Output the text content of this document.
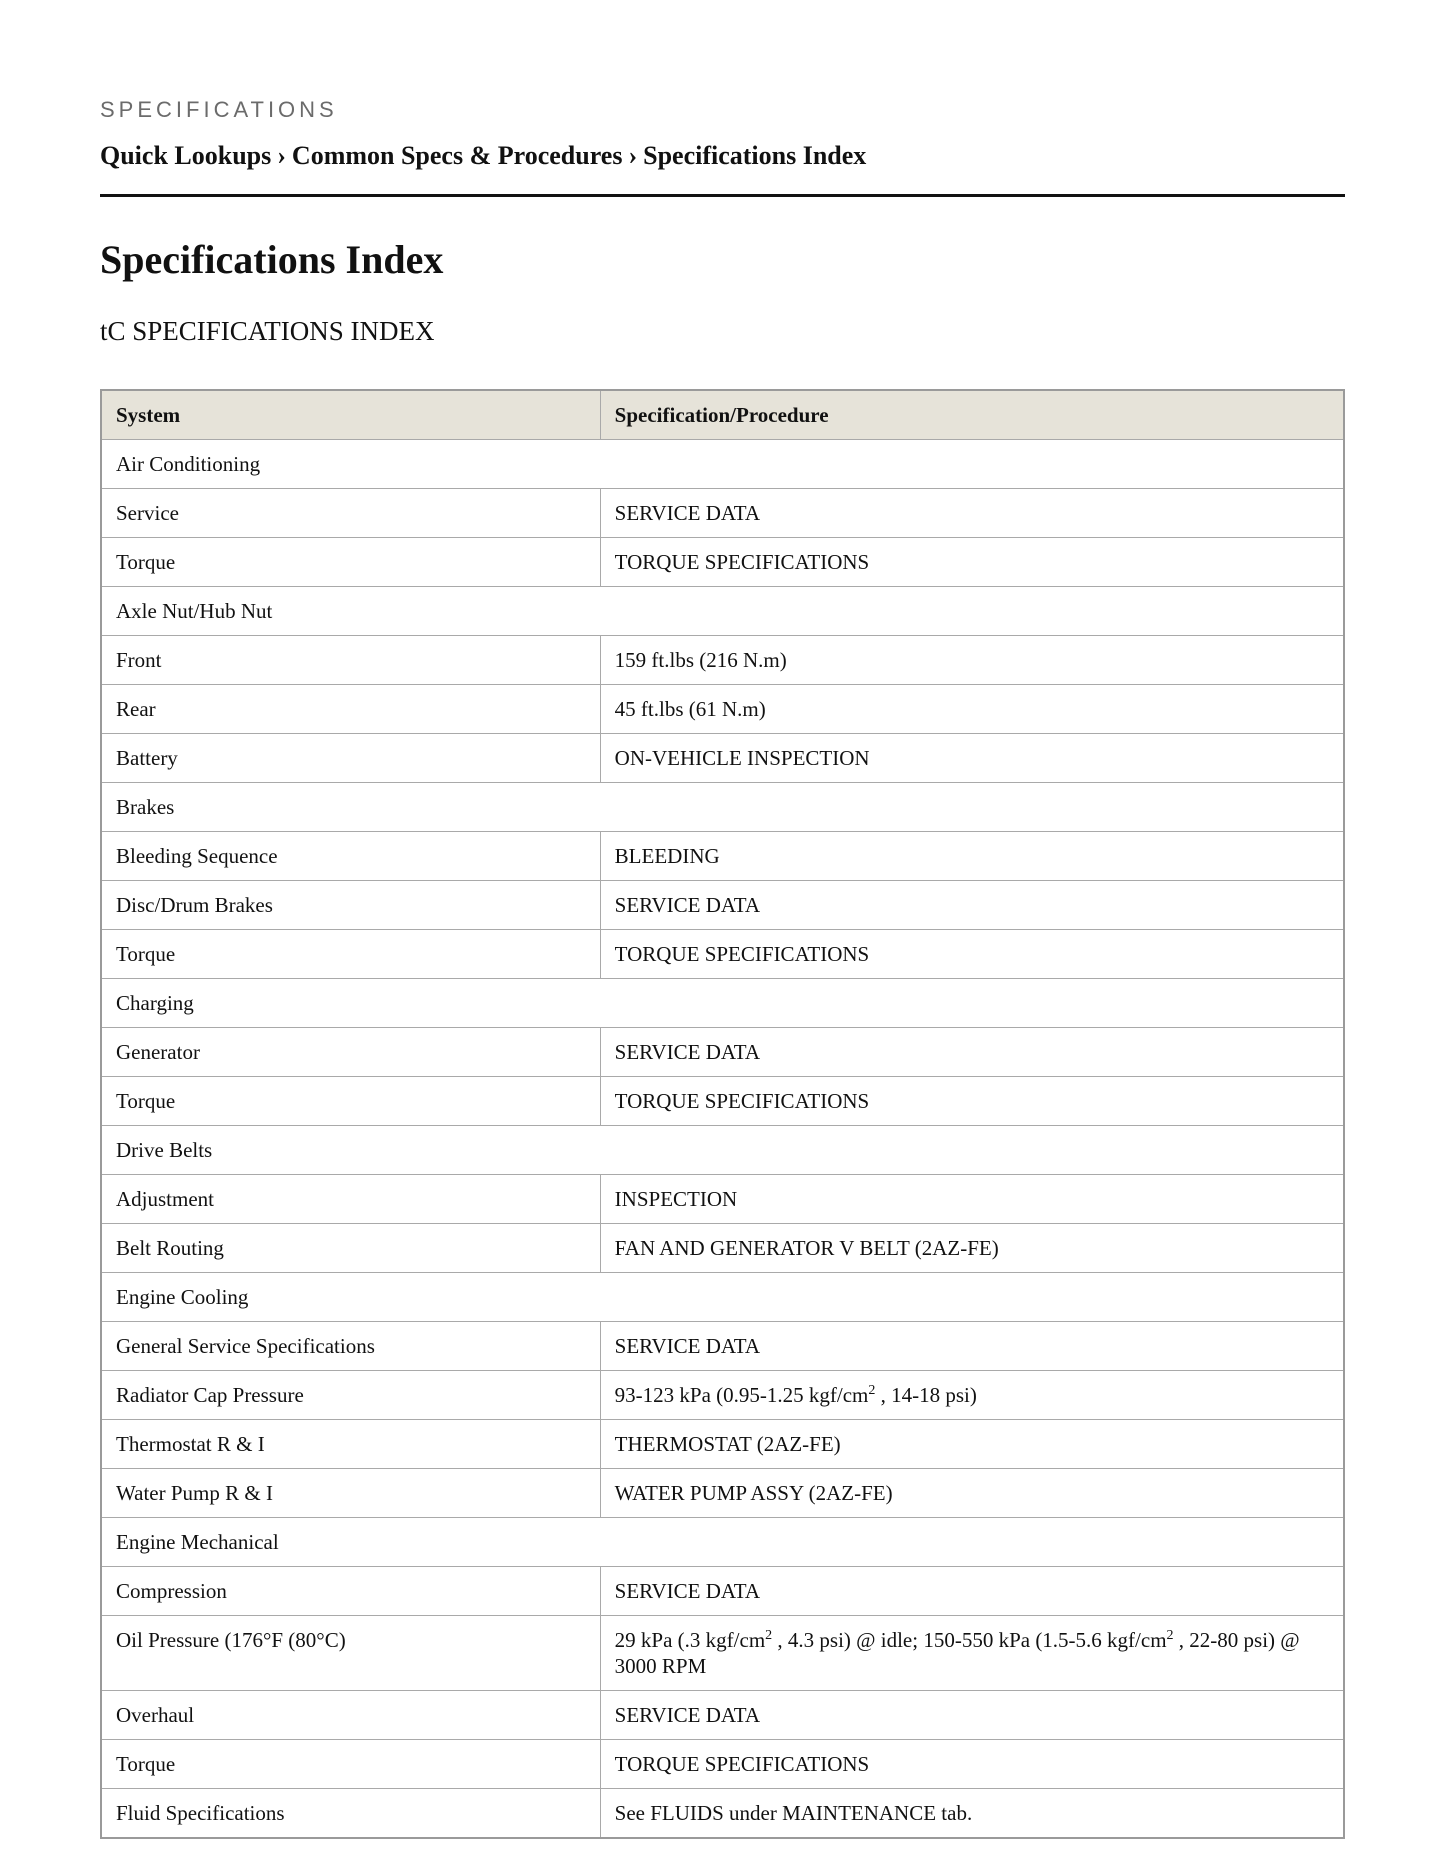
SPECIFICATIONS
Quick Lookups › Common Specs & Procedures › Specifications Index
Specifications Index
tC SPECIFICATIONS INDEX
System	Specification/Procedure
Air Conditioning	
Service	SERVICE DATA
Torque	TORQUE SPECIFICATIONS
Axle Nut/Hub Nut	
Front	159 ft.lbs (216 N.m)
Rear	45 ft.lbs (61 N.m)
Battery	ON-VEHICLE INSPECTION
Brakes	
Bleeding Sequence	BLEEDING
Disc/Drum Brakes	SERVICE DATA
Torque	TORQUE SPECIFICATIONS
Charging	
Generator	SERVICE DATA
Torque	TORQUE SPECIFICATIONS
Drive Belts	
Adjustment	INSPECTION
Belt Routing	FAN AND GENERATOR V BELT (2AZ-FE)
Engine Cooling	
General Service Specifications	SERVICE DATA
Radiator Cap Pressure	93-123 kPa (0.95-1.25 kgf/$cm^2$ , 14-18 psi)
Thermostat R & I	THERMOSTAT (2AZ-FE)
Water Pump R & I	WATER PUMP ASSY (2AZ-FE)
Engine Mechanical	
Compression	SERVICE DATA
Oil Pressure (176°F (80°C)	29 kPa (.3 kgf/$cm^2$ , 4.3 psi) @ idle; 150-550 kPa (1.5-5.6 kgf/$cm^2$ , 22-80 psi) @ 3000 RPM
Overhaul	SERVICE DATA
Torque	TORQUE SPECIFICATIONS
Fluid Specifications	See FLUIDS under MAINTENANCE tab.
